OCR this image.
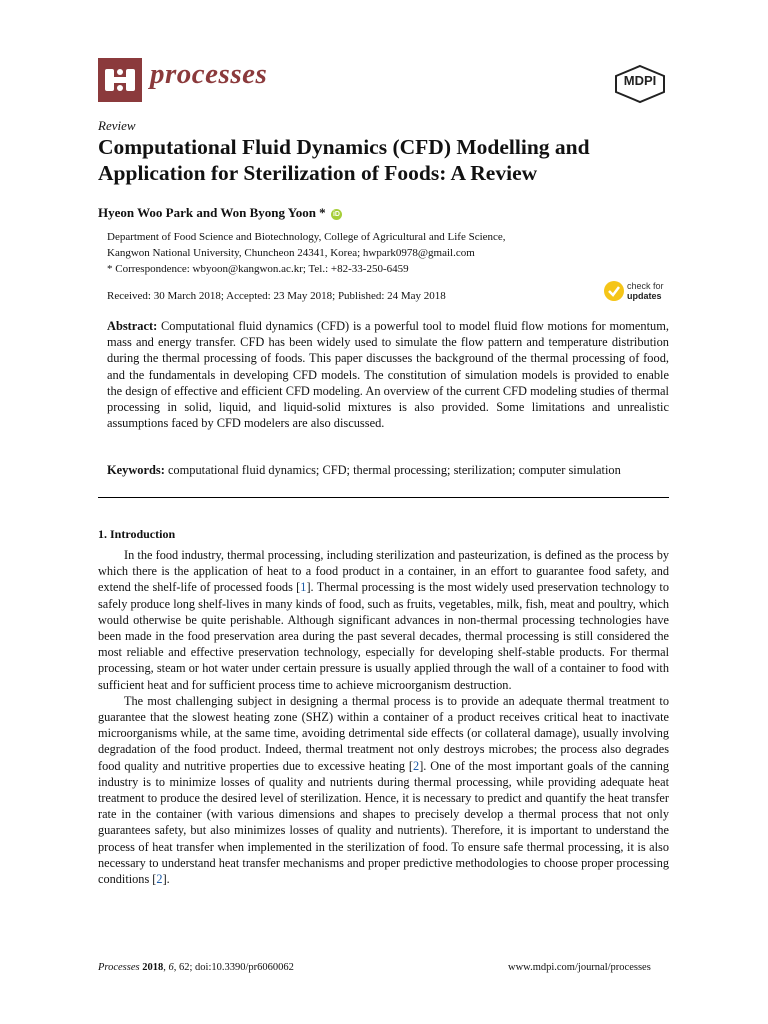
processes	MDPI
Review
Computational Fluid Dynamics (CFD) Modelling and Application for Sterilization of Foods: A Review
Hyeon Woo Park and Won Byong Yoon * iD
Department of Food Science and Biotechnology, College of Agricultural and Life Science,
Kangwon National University, Chuncheon 24341, Korea; hwpark0978@gmail.com
* Correspondence: wbyoon@kangwon.ac.kr; Tel.: +82-33-250-6459
Received: 30 March 2018; Accepted: 23 May 2018; Published: 24 May 2018
check for
updates
Abstract: Computational fluid dynamics (CFD) is a powerful tool to model fluid flow motions for momentum, mass and energy transfer. CFD has been widely used to simulate the flow pattern and temperature distribution during the thermal processing of foods. This paper discusses the background of the thermal processing of food, and the fundamentals in developing CFD models. The constitution of simulation models is provided to enable the design of effective and efficient CFD modeling. An overview of the current CFD modeling studies of thermal processing in solid, liquid, and liquid-solid mixtures is also provided. Some limitations and unrealistic assumptions faced by CFD modelers are also discussed.
Keywords: computational fluid dynamics; CFD; thermal processing; sterilization; computer simulation
1. Introduction

In the food industry, thermal processing, including sterilization and pasteurization, is defined as the process by which there is the application of heat to a food product in a container, in an effort to guarantee food safety, and extend the shelf-life of processed foods [1]. Thermal processing is the most widely used preservation technology to safely produce long shelf-lives in many kinds of food, such as fruits, vegetables, milk, fish, meat and poultry, which would otherwise be quite perishable. Although significant advances in non-thermal processing technologies have been made in the food preservation area during the past several decades, thermal processing is still considered the most reliable and effective preservation technology, especially for developing shelf-stable products. For thermal processing, steam or hot water under certain pressure is usually applied through the wall of a container to food with sufficient heat and for sufficient process time to achieve microorganism destruction.

The most challenging subject in designing a thermal process is to provide an adequate thermal treatment to guarantee that the slowest heating zone (SHZ) within a container of a product receives critical heat to inactivate microorganisms while, at the same time, avoiding detrimental side effects (or collateral damage), usually involving degradation of the food product. Indeed, thermal treatment not only destroys microbes; the process also degrades food quality and nutritive properties due to excessive heating [2]. One of the most important goals of the canning industry is to minimize losses of quality and nutrients during thermal processing, while providing adequate heat treatment to produce the desired level of sterilization. Hence, it is necessary to predict and quantify the heat transfer rate in the container (with various dimensions and shapes to precisely develop a thermal process that not only guarantees safety, but also minimizes losses of quality and nutrients). Therefore, it is important to understand the process of heat transfer when implemented in the sterilization of food. To ensure safe thermal processing, it is also necessary to understand heat transfer mechanisms and proper predictive methodologies to choose proper processing conditions [2].

Processes 2018, 6, 62; doi:10.3390/pr6060062	www.mdpi.com/journal/processes
